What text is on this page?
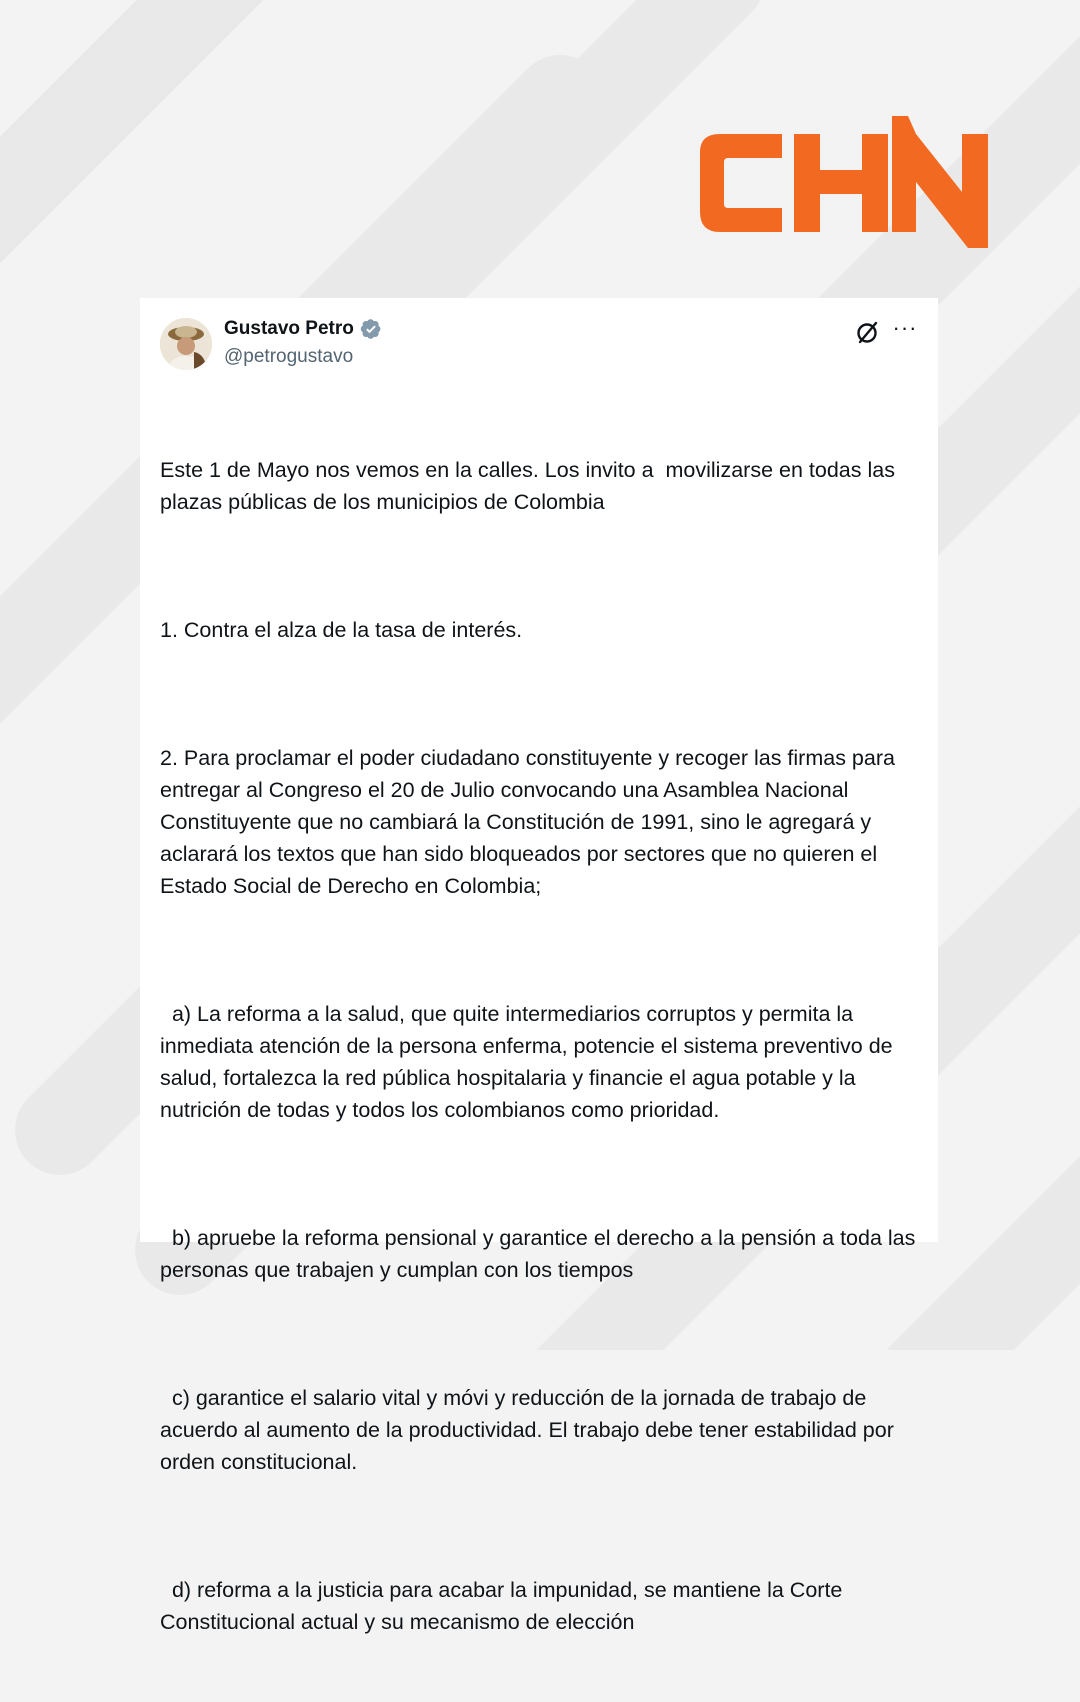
Gustavo Petro
@petrogustavo
···

Este 1 de Mayo nos vemos en la calles. Los invito a  movilizarse en todas las plazas públicas de los municipios de Colombia

1. Contra el alza de la tasa de interés.

2. Para proclamar el poder ciudadano constituyente y recoger las firmas para entregar al Congreso el 20 de Julio convocando una Asamblea Nacional Constituyente que no cambiará la Constitución de 1991, sino le agregará y aclarará los textos que han sido bloqueados por sectores que no quieren el Estado Social de Derecho en Colombia;

a) La reforma a la salud, que quite intermediarios corruptos y permita la inmediata atención de la persona enferma, potencie el sistema preventivo de salud, fortalezca la red pública hospitalaria y financie el agua potable y la nutrición de todas y todos los colombianos como prioridad.

b) apruebe la reforma pensional y garantice el derecho a la pensión a toda las personas que trabajen y cumplan con los tiempos

c) garantice el salario vital y móvi y reducción de la jornada de trabajo de acuerdo al aumento de la productividad. El trabajo debe tener estabilidad por orden constitucional.

d) reforma a la justicia para acabar la impunidad, se mantiene la Corte Constitucional actual y su mecanismo de elección
